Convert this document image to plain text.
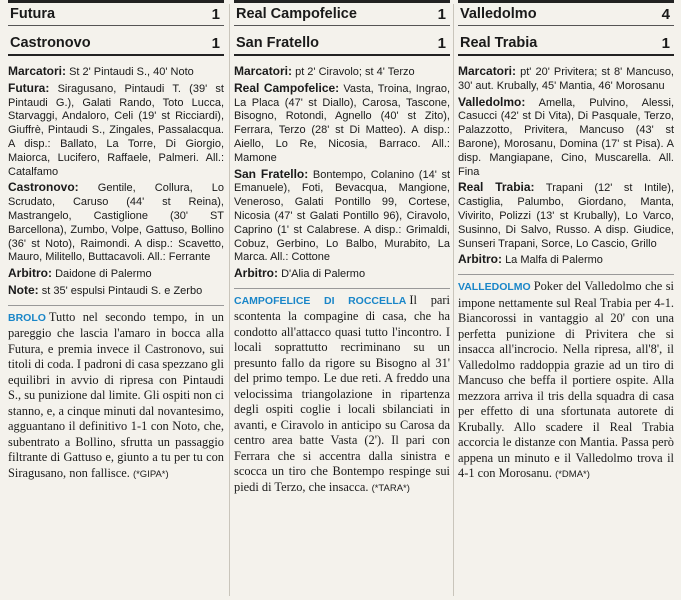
Futura	1
Castronovo	1

Marcatori: St 2' Pintaudi S., 40' Noto

Futura: Siragusano, Pintaudi T. (39' st Pintaudi G.), Galati Rando, Toto Lucca, Starvaggi, Andaloro, Celi (19' st Ricciardi), Giuffrè, Pintaudi S., Zingales, Passalacqua. A disp.: Ballato, La Torre, Di Giorgio, Maiorca, Lucifero, Raffaele, Palmeri. All.: Catalfamo

Castronovo: Gentile, Collura, Lo Scrudato, Caruso (44' st Reina), Mastrangelo, Castiglione (30' ST Barcellona), Zumbo, Volpe, Gattuso, Bollino (36' st Noto), Raimondi. A disp.: Scavetto, Mauro, Militello, Buttacavoli. All.: Ferrante

Arbitro: Daidone di Palermo

Note: st 35' espulsi Pintaudi S. e Zerbo

BROLO Tutto nel secondo tempo, in un pareggio che lascia l'amaro in bocca alla Futura, e premia invece il Castronovo, sui titoli di coda. I padroni di casa spezzano gli equilibri in avvio di ripresa con Pintaudi S., su punizione dal limite. Gli ospiti non ci stanno, e, a cinque minuti dal novantesimo, agguantano il definitivo 1-1 con Noto, che, subentrato a Bollino, sfrutta un passaggio filtrante di Gattuso e, giunto a tu per tu con Siragusano, non fallisce. (*GIPA*)
Real Campofelice	1
San Fratello	1

Marcatori: pt 2' Ciravolo; st 4' Terzo

Real Campofelice: Vasta, Troina, Ingrao, La Placa (47' st Diallo), Carosa, Tascone, Bisogno, Rotondi, Agnello (40' st Zito), Ferrara, Terzo (28' st Di Matteo). A disp.: Aiello, Lo Re, Nicosia, Barraco. All.: Mamone

San Fratello: Bontempo, Colanino (14' st Emanuele), Foti, Bevacqua, Mangione, Veneroso, Galati Pontillo 99, Cortese, Nicosia (47' st Galati Pontillo 96), Ciravolo, Caprino (1' st Calabrese. A disp.: Grimaldi, Cobuz, Gerbino, Lo Balbo, Murabito, La Marca. All.: Cottone

Arbitro: D'Alia di Palermo

CAMPOFELICE DI ROCCELLA Il pari scontenta la compagine di casa, che ha condotto all'attacco quasi tutto l'incontro. I locali soprattutto recriminano su un presunto fallo da rigore su Bisogno al 31' del primo tempo. Le due reti. A freddo una velocissima triangolazione in ripartenza degli ospiti coglie i locali sbilanciati in avanti, e Ciravolo in anticipo su Carosa da centro area batte Vasta (2'). Il pari con Ferrara che si accentra dalla sinistra e scocca un tiro che Bontempo respinge sui piedi di Terzo, che insacca. (*TARA*)
Valledolmo	4
Real Trabia	1

Marcatori: pt' 20' Privitera; st 8' Mancuso, 30' aut. Krubally, 45' Mantia, 46' Morosanu

Valledolmo: Amella, Pulvino, Alessi, Casucci (42' st Di Vita), Di Pasquale, Terzo, Palazzotto, Privitera, Mancuso (43' st Barone), Morosanu, Domina (17' st Pisa). A disp. Mangiapane, Cino, Muscarella. All. Fina

Real Trabia: Trapani (12' st Intile), Castiglia, Palumbo, Giordano, Manta, Vivirito, Polizzi (13' st Krubally), Lo Varco, Susinno, Di Salvo, Russo. A disp. Giudice, Sunseri Trapani, Sorce, Lo Cascio, Grillo

Arbitro: La Malfa di Palermo

VALLEDOLMO Poker del Valledolmo che si impone nettamente sul Real Trabia per 4-1. Biancorossi in vantaggio al 20' con una perfetta punizione di Privitera che si insacca all'incrocio. Nella ripresa, all'8', il Valledolmo raddoppia grazie ad un tiro di Mancuso che beffa il portiere ospite. Alla mezzora arriva il tris della squadra di casa per effetto di una sfortunata autorete di Krubally. Allo scadere il Real Trabia accorcia le distanze con Mantia. Passa però appena un minuto e il Valledolmo trova il 4-1 con Morosanu. (*DMA*)
